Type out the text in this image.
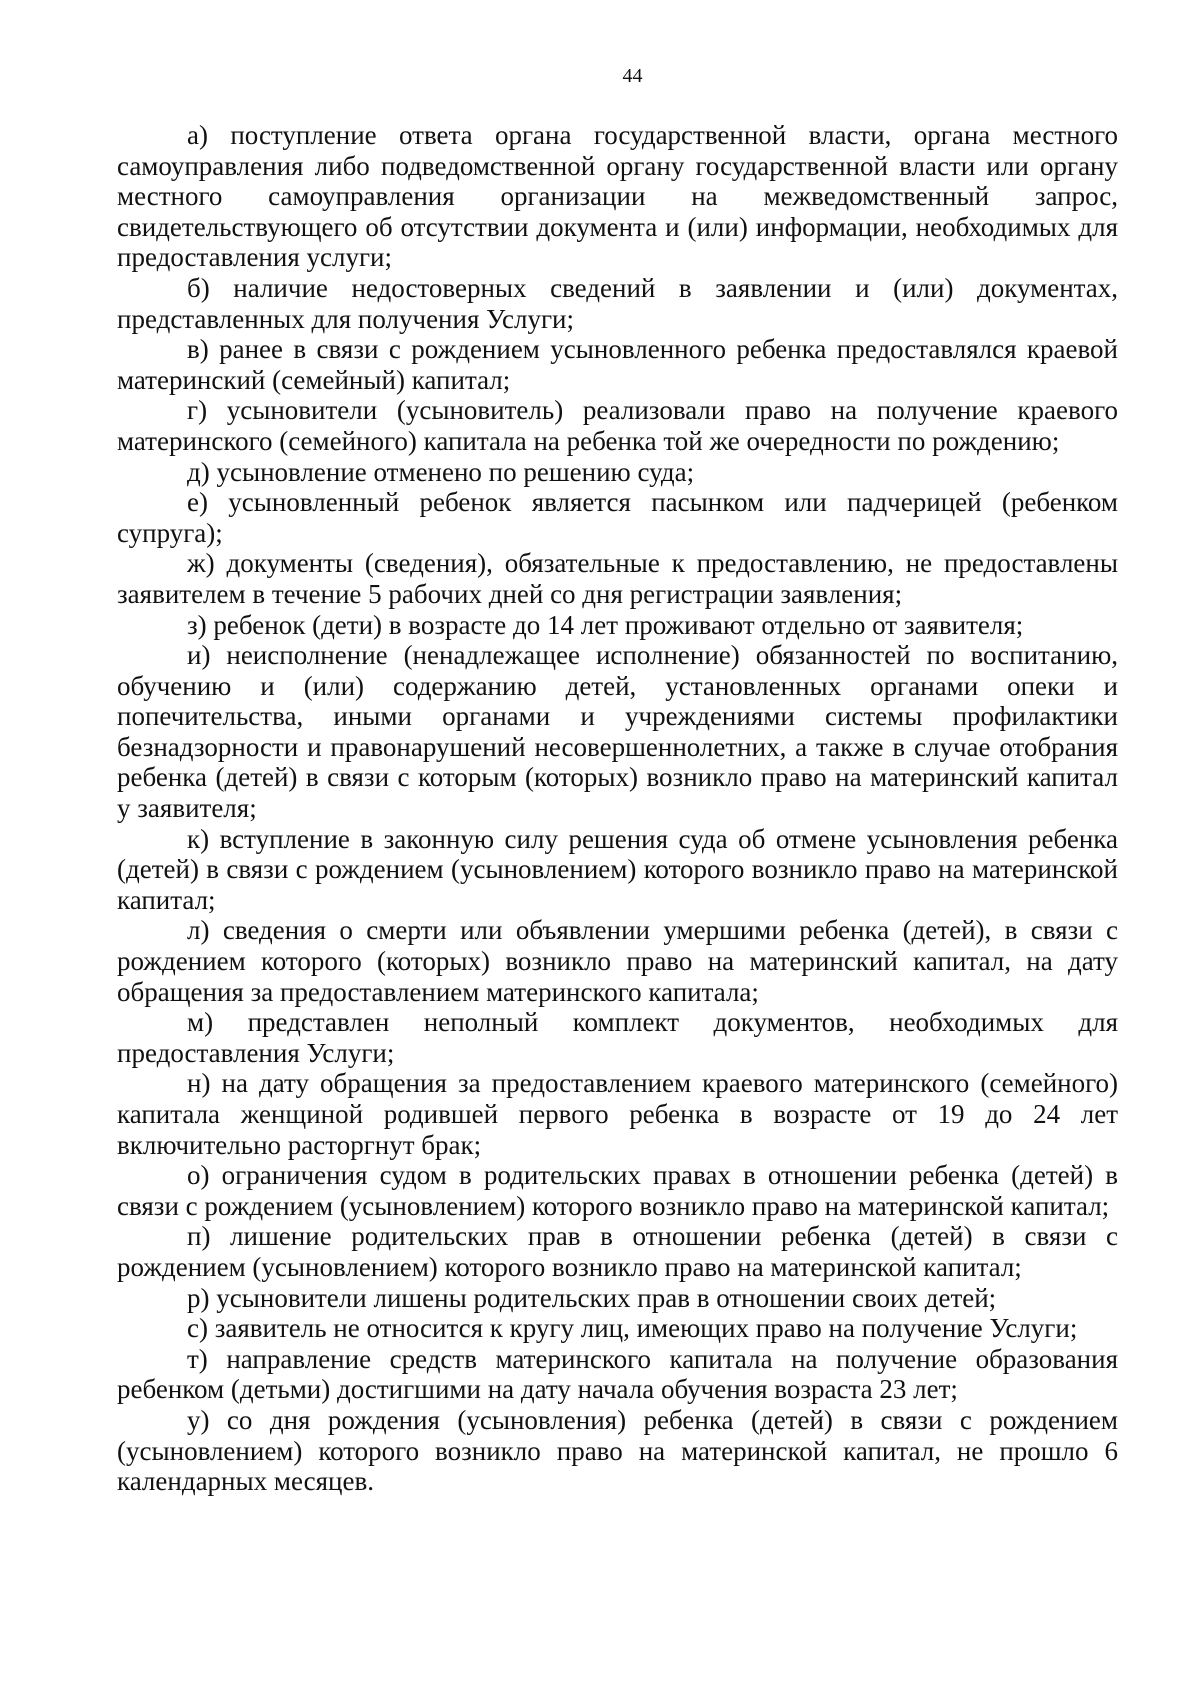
44

а) поступление ответа органа государственной власти, органа местного самоуправления либо подведомственной органу государственной власти или органу местного самоуправления организации на межведомственный запрос, свидетельствующего об отсутствии документа и (или) информации, необходимых для предоставления услуги;

б) наличие недостоверных сведений в заявлении и (или) документах, представленных для получения Услуги;

в) ранее в связи с рождением усыновленного ребенка предоставлялся краевой материнский (семейный) капитал;

г) усыновители (усыновитель) реализовали право на получение краевого материнского (семейного) капитала на ребенка той же очередности по рождению;

д) усыновление отменено по решению суда;

е) усыновленный ребенок является пасынком или падчерицей (ребенком супруга);

ж) документы (сведения), обязательные к предоставлению, не предоставлены заявителем в течение 5 рабочих дней со дня регистрации заявления;

з) ребенок (дети) в возрасте до 14 лет проживают отдельно от заявителя;

и) неисполнение (ненадлежащее исполнение) обязанностей по воспитанию, обучению и (или) содержанию детей, установленных органами опеки и попечительства, иными органами и учреждениями системы профилактики безнадзорности и правонарушений несовершеннолетних, а также в случае отобрания ребенка (детей) в связи с которым (которых) возникло право на материнский капитал у заявителя;

к) вступление в законную силу решения суда об отмене усыновления ребенка (детей) в связи с рождением (усыновлением) которого возникло право на материнской капитал;

л) сведения о смерти или объявлении умершими ребенка (детей), в связи с рождением которого (которых) возникло право на материнский капитал, на дату обращения за предоставлением материнского капитала;

м) представлен неполный комплект документов, необходимых для предоставления Услуги;

н) на дату обращения за предоставлением краевого материнского (семейного) капитала женщиной родившей первого ребенка в возрасте от 19 до 24 лет включительно расторгнут брак;

о) ограничения судом в родительских правах в отношении ребенка (детей) в связи с рождением (усыновлением) которого возникло право на материнской капитал;

п) лишение родительских прав в отношении ребенка (детей) в связи с рождением (усыновлением) которого возникло право на материнской капитал;

р) усыновители лишены родительских прав в отношении своих детей;

с) заявитель не относится к кругу лиц, имеющих право на получение Услуги;

т) направление средств материнского капитала на получение образования ребенком (детьми) достигшими на дату начала обучения возраста 23 лет;

у) со дня рождения (усыновления) ребенка (детей) в связи с рождением (усыновлением) которого возникло право на материнской капитал, не прошло 6 календарных месяцев.
